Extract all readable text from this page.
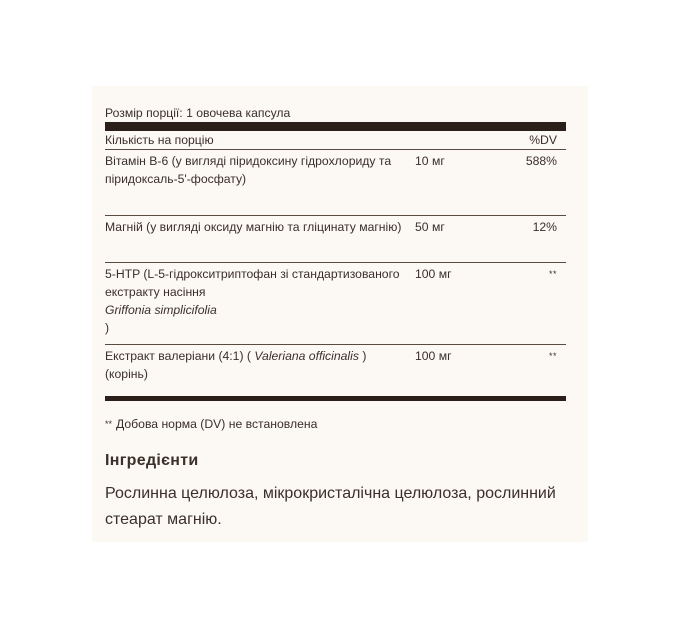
Розмір порції: 1 овочева капсула
Кількість на порцію	%DV
Вітамін B-6 (у вигляді піридоксину гідрохлориду та піридоксаль-5'-фосфату)
10 мг	588%
Магній (у вигляді оксиду магнію та гліцинату магнію) 50 мг	12%
5-HTP (L-5-гідрокситриптофан зі стандартизованого екстракту насіння
Griffonia simplicifolia
)
100 мг	**
Екстракт валеріани (4:1) ( Valeriana officinalis ) (корінь)
100 мг	**
** Добова норма (DV) не встановлена
Інгредієнти
Рослинна целюлоза, мікрокристалічна целюлоза, рослинний стеарат магнію.
